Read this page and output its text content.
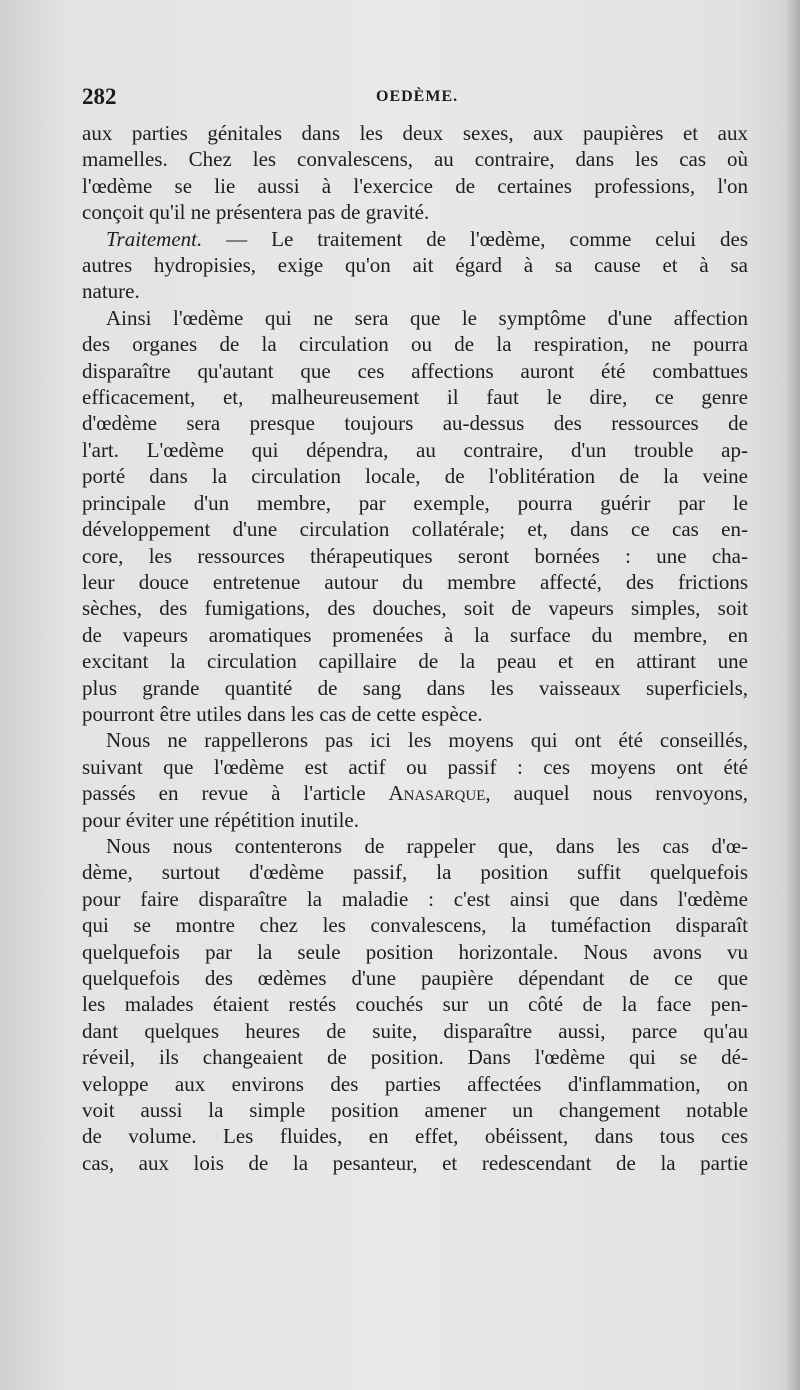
282	OEDÈME.

aux parties génitales dans les deux sexes, aux paupières et aux

mamelles. Chez les convalescens, au contraire, dans les cas où

l'œdème se lie aussi à l'exercice de certaines professions, l'on

conçoit qu'il ne présentera pas de gravité.

Traitement. — Le traitement de l'œdème, comme celui des

autres hydropisies, exige qu'on ait égard à sa cause et à sa

nature.

Ainsi l'œdème qui ne sera que le symptôme d'une affection

des organes de la circulation ou de la respiration, ne pourra

disparaître qu'autant que ces affections auront été combattues

efficacement, et, malheureusement il faut le dire, ce genre

d'œdème sera presque toujours au-dessus des ressources de

l'art. L'œdème qui dépendra, au contraire, d'un trouble ap-

porté dans la circulation locale, de l'oblitération de la veine

principale d'un membre, par exemple, pourra guérir par le

développement d'une circulation collatérale; et, dans ce cas en-

core, les ressources thérapeutiques seront bornées : une cha-

leur douce entretenue autour du membre affecté, des frictions

sèches, des fumigations, des douches, soit de vapeurs simples, soit

de vapeurs aromatiques promenées à la surface du membre, en

excitant la circulation capillaire de la peau et en attirant une

plus grande quantité de sang dans les vaisseaux superficiels,

pourront être utiles dans les cas de cette espèce.

Nous ne rappellerons pas ici les moyens qui ont été conseillés,

suivant que l'œdème est actif ou passif : ces moyens ont été

passés en revue à l'article Anasarque, auquel nous renvoyons,

pour éviter une répétition inutile.

Nous nous contenterons de rappeler que, dans les cas d'œ-

dème, surtout d'œdème passif, la position suffit quelquefois

pour faire disparaître la maladie : c'est ainsi que dans l'œdème

qui se montre chez les convalescens, la tuméfaction disparaît

quelquefois par la seule position horizontale. Nous avons vu

quelquefois des œdèmes d'une paupière dépendant de ce que

les malades étaient restés couchés sur un côté de la face pen-

dant quelques heures de suite, disparaître aussi, parce qu'au

réveil, ils changeaient de position. Dans l'œdème qui se dé-

veloppe aux environs des parties affectées d'inflammation, on

voit aussi la simple position amener un changement notable

de volume. Les fluides, en effet, obéissent, dans tous ces

cas, aux lois de la pesanteur, et redescendant de la partie
